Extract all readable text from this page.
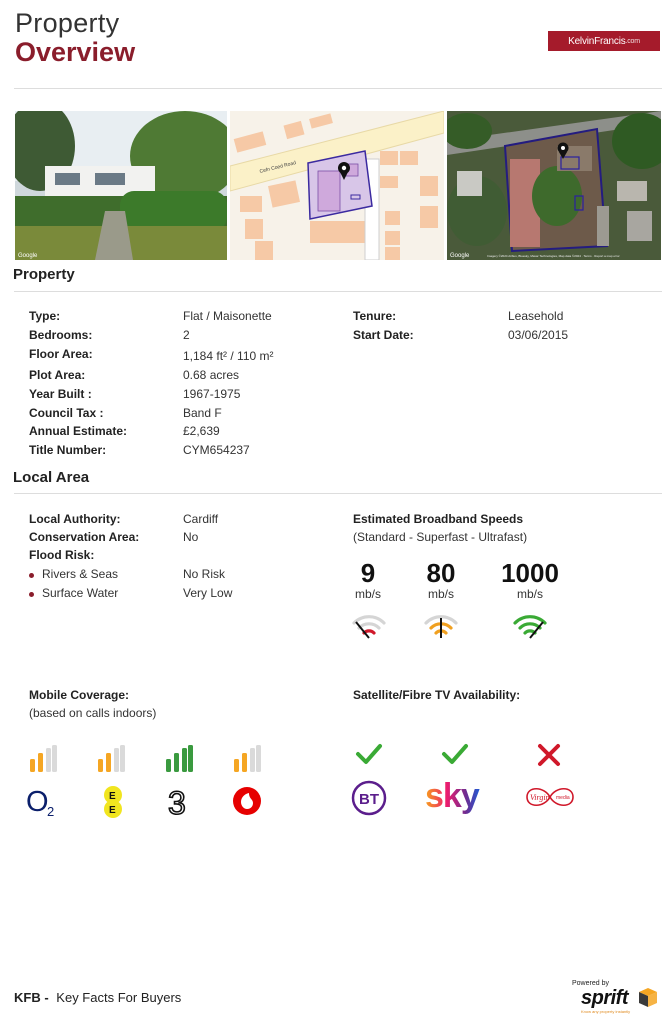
Property
Overview	KelvinFrancis .com
Google
Cefn Coed Road
Google	Imagery ©2024 Airbus, Bluesky, Maxar Technologies, Map data ©2024 · Terms · Report a map error
Property
Type:	Flat / Maisonette
Bedrooms:	2
Floor Area:	1,184 ft² / 110 m²
Plot Area:	0.68 acres
Year Built :	1967-1975
Council Tax :	Band F
Annual Estimate:	£2,639
Title Number:	CYM654237
Tenure:	Leasehold
Start Date:	03/06/2015
Local Area
Local Authority:	Cardiff
Conservation Area:	No
Flood Risk:
Rivers & Seas	No Risk
Surface Water	Very Low
Estimated Broadband Speeds
(Standard - Superfast - Ultrafast)
9
mb/s
80
mb/s
1000
mb/s
Mobile Coverage:
(based on calls indoors)
O
2
E
E 3
Satellite/Fibre TV Availability:
BT sky	Virgin media
KFB - Key Facts For Buyers
Powered by
sprift
Know any property instantly
